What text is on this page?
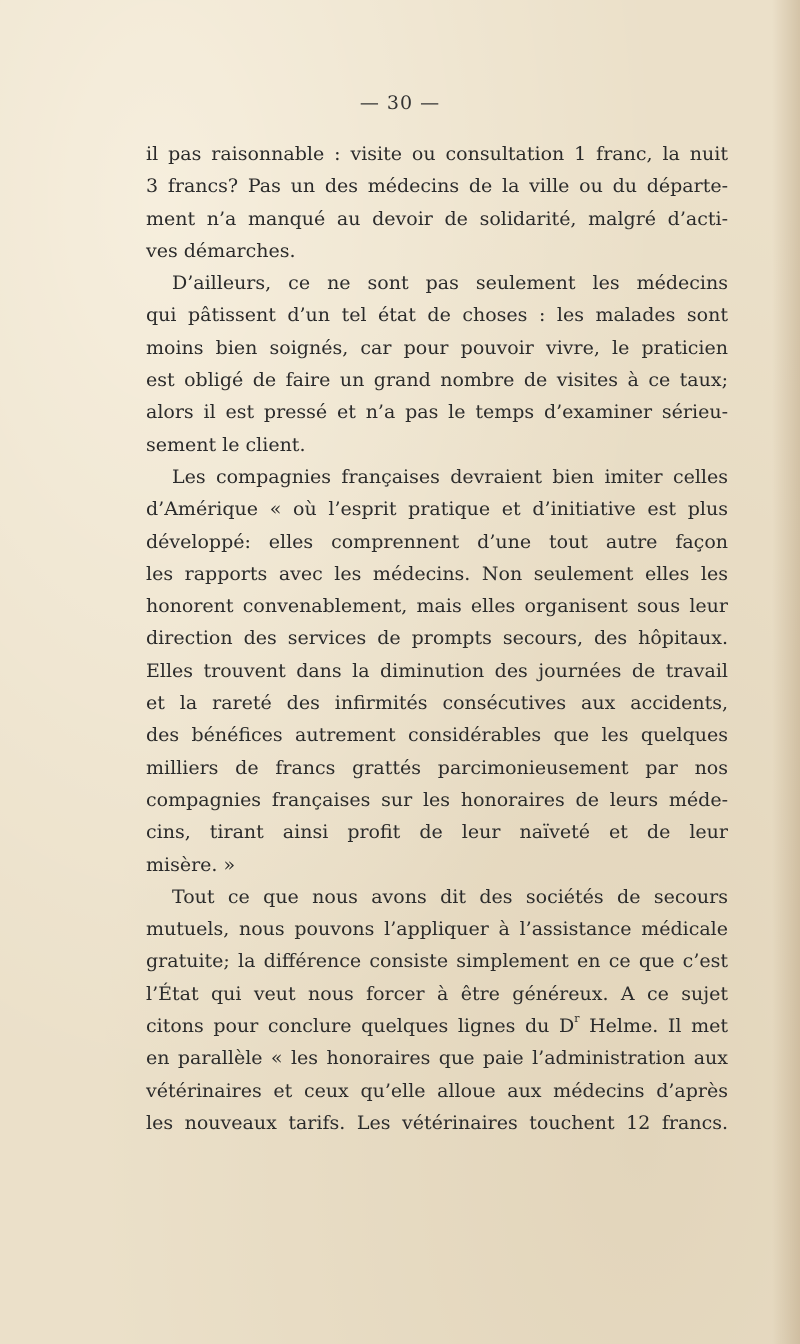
— 30 —
il pas raisonnable : visite ou consultation 1 franc, la nuit
3 francs? Pas un des médecins de la ville ou du départe-
ment n’a manqué au devoir de solidarité, malgré d’acti-
ves démarches.
D’ailleurs, ce ne sont pas seulement les médecins
qui pâtissent d’un tel état de choses : les malades sont
moins bien soignés, car pour pouvoir vivre, le praticien
est obligé de faire un grand nombre de visites à ce taux;
alors il est pressé et n’a pas le temps d’examiner sérieu-
sement le client.
Les compagnies françaises devraient bien imiter celles
d’Amérique « où l’esprit pratique et d’initiative est plus
développé: elles comprennent d’une tout autre façon
les rapports avec les médecins. Non seulement elles les
honorent convenablement, mais elles organisent sous leur
direction des services de prompts secours, des hôpitaux.
Elles trouvent dans la diminution des journées de travail
et la rareté des infirmités consécutives aux accidents,
des bénéfices autrement considérables que les quelques
milliers de francs grattés parcimonieusement par nos
compagnies françaises sur les honoraires de leurs méde-
cins, tirant ainsi profit de leur naïveté et de leur
misère. »
Tout ce que nous avons dit des sociétés de secours
mutuels, nous pouvons l’appliquer à l’assistance médicale
gratuite; la différence consiste simplement en ce que c’est
l’État qui veut nous forcer à être généreux. A ce sujet
citons pour conclure quelques lignes du $D^r$ Helme. Il met
en parallèle « les honoraires que paie l’administration aux
vétérinaires et ceux qu’elle alloue aux médecins d’après
les nouveaux tarifs. Les vétérinaires touchent 12 francs.
